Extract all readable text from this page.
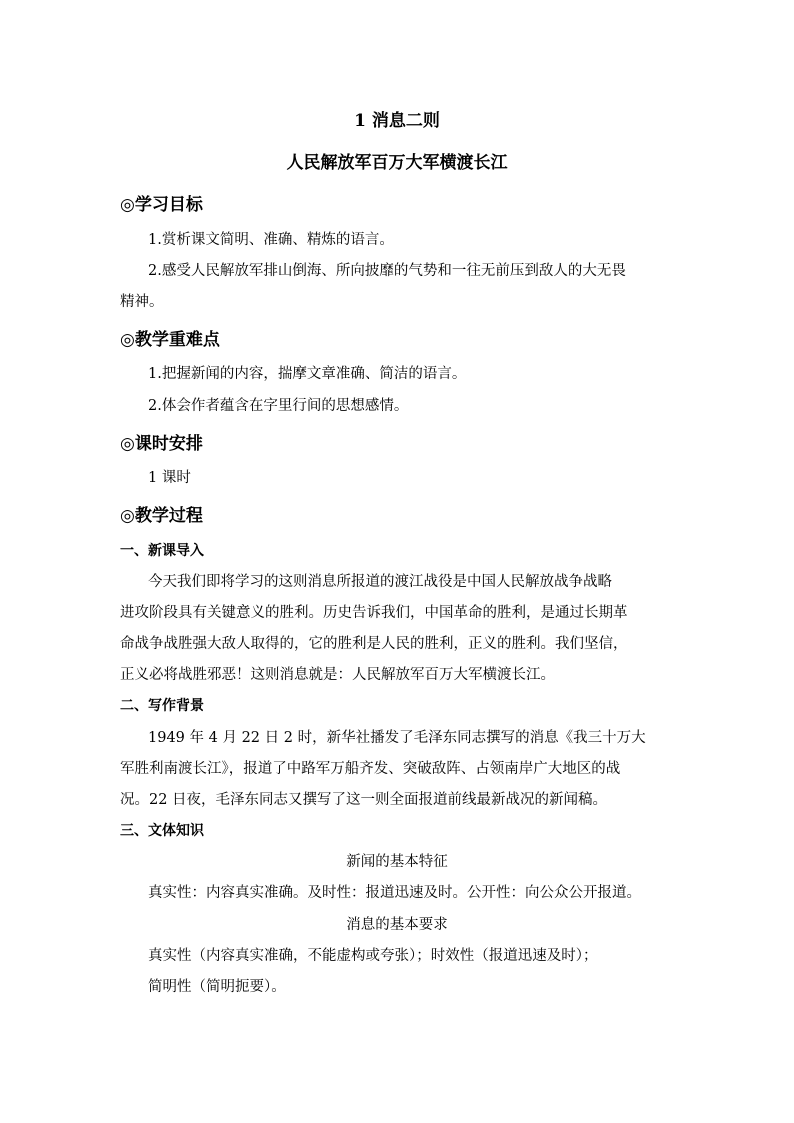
1 消息二则
人民解放军百万大军横渡长江
◎学习目标
1.赏析课文简明、准确、精炼的语言。
2.感受人民解放军排山倒海、所向披靡的气势和一往无前压到敌人的大无畏
精神。
◎教学重难点
1.把握新闻的内容，揣摩文章准确、简洁的语言。
2.体会作者蕴含在字里行间的思想感情。
◎课时安排
1 课时
◎教学过程
一、新课导入
今天我们即将学习的这则消息所报道的渡江战役是中国人民解放战争战略
进攻阶段具有关键意义的胜利。历史告诉我们，中国革命的胜利，是通过长期革
命战争战胜强大敌人取得的，它的胜利是人民的胜利，正义的胜利。我们坚信，
正义必将战胜邪恶！这则消息就是：人民解放军百万大军横渡长江。
二、写作背景
1949 年 4 月 22 日 2 时，新华社播发了毛泽东同志撰写的消息《我三十万大
军胜利南渡长江》，报道了中路军万船齐发、突破敌阵、占领南岸广大地区的战
况。22 日夜，毛泽东同志又撰写了这一则全面报道前线最新战况的新闻稿。
三、文体知识
新闻的基本特征
真实性：内容真实准确。及时性：报道迅速及时。公开性：向公众公开报道。
消息的基本要求
真实性（内容真实准确，不能虚构或夸张）；时效性（报道迅速及时）；
简明性（简明扼要）。
